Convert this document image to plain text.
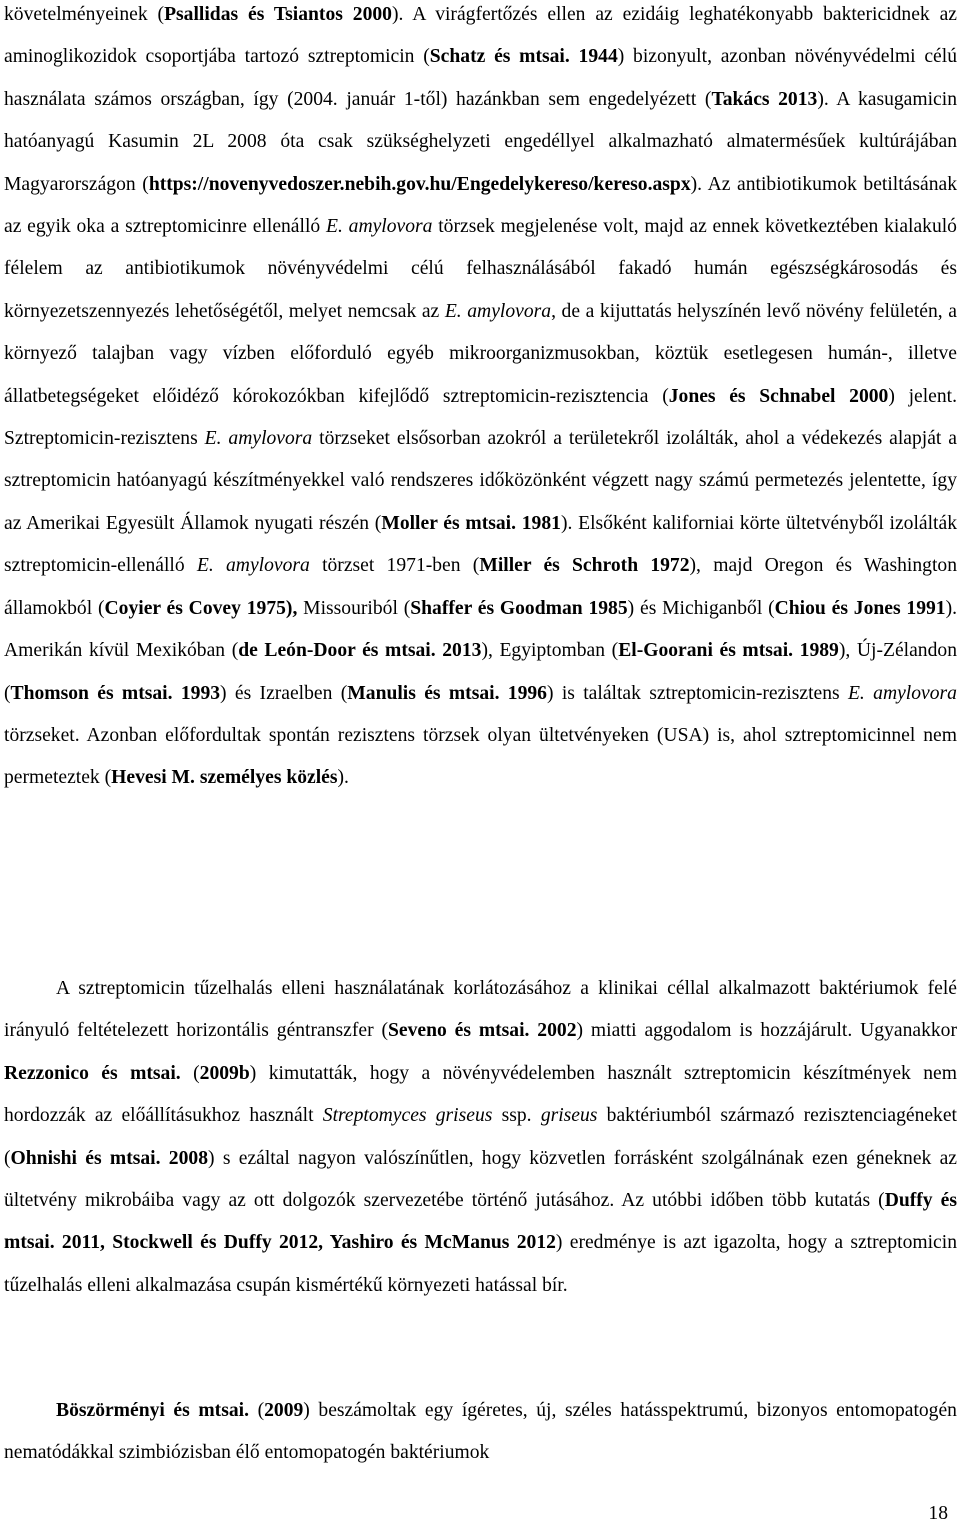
követelményeinek (Psallidas és Tsiantos 2000). A virágfertőzés ellen az ezidáig leghatékonyabb baktericidnek az aminoglikozidok csoportjába tartozó sztreptomicin (Schatz és mtsai. 1944) bizonyult, azonban növényvédelmi célú használata számos országban, így (2004. január 1-től) hazánkban sem engedelyézett (Takács 2013). A kasugamicin hatóanyagú Kasumin 2L 2008 óta csak szükséghelyzeti engedéllyel alkalmazható almatermésűek kultúrájában Magyarországon (https://novenyvedoszer.nebih.gov.hu/Engedelykereso/kereso.aspx). Az antibiotikumok betiltásának az egyik oka a sztreptomicinre ellenálló E. amylovora törzsek megjelenése volt, majd az ennek következtében kialakuló félelem az antibiotikumok növényvédelmi célú felhasználásából fakadó humán egészségkárosodás és környezetszennyezés lehetőségétől, melyet nemcsak az E. amylovora, de a kijuttatás helyszínén levő növény felületén, a környező talajban vagy vízben előforduló egyéb mikroorganizmusokban, köztük esetlegesen humán-, illetve állatbetegségeket előidéző kórokozókban kifejlődő sztreptomicin-rezisztencia (Jones és Schnabel 2000) jelent. Sztreptomicin-rezisztens E. amylovora törzseket elsősorban azokról a területekről izolálták, ahol a védekezés alapját a sztreptomicin hatóanyagú készítményekkel való rendszeres időközönként végzett nagy számú permetezés jelentette, így az Amerikai Egyesült Államok nyugati részén (Moller és mtsai. 1981). Elsőként kaliforniai körte ültetvényből izolálták sztreptomicin-ellenálló E. amylovora törzset 1971-ben (Miller és Schroth 1972), majd Oregon és Washington államokból (Coyier és Covey 1975), Missouriból (Shaffer és Goodman 1985) és Michiganből (Chiou és Jones 1991). Amerikán kívül Mexikóban (de León-Door és mtsai. 2013), Egyiptomban (El-Goorani és mtsai. 1989), Új-Zélandon (Thomson és mtsai. 1993) és Izraelben (Manulis és mtsai. 1996) is találtak sztreptomicin-rezisztens E. amylovora törzseket. Azonban előfordultak spontán rezisztens törzsek olyan ültetvényeken (USA) is, ahol sztreptomicinnel nem permeteztek (Hevesi M. személyes közlés).

A sztreptomicin tűzelhalás elleni használatának korlátozásához a klinikai céllal alkalmazott baktériumok felé irányuló feltételezett horizontális géntranszfer (Seveno és mtsai. 2002) miatti aggodalom is hozzájárult. Ugyanakkor Rezzonico és mtsai. (2009b) kimutatták, hogy a növényvédelemben használt sztreptomicin készítmények nem hordozzák az előállításukhoz használt Streptomyces griseus ssp. griseus baktériumból származó rezisztenciagéneket (Ohnishi és mtsai. 2008) s ezáltal nagyon valószínűtlen, hogy közvetlen forrásként szolgálnának ezen géneknek az ültetvény mikrobáiba vagy az ott dolgozók szervezetébe történő jutásához. Az utóbbi időben több kutatás (Duffy és mtsai. 2011, Stockwell és Duffy 2012, Yashiro és McManus 2012) eredménye is azt igazolta, hogy a sztreptomicin tűzelhalás elleni alkalmazása csupán kismértékű környezeti hatással bír.

Böszörményi és mtsai. (2009) beszámoltak egy ígéretes, új, széles hatásspektrumú, bizonyos entomopatogén nematódákkal szimbiózisban élő entomopatogén baktériumok

18
